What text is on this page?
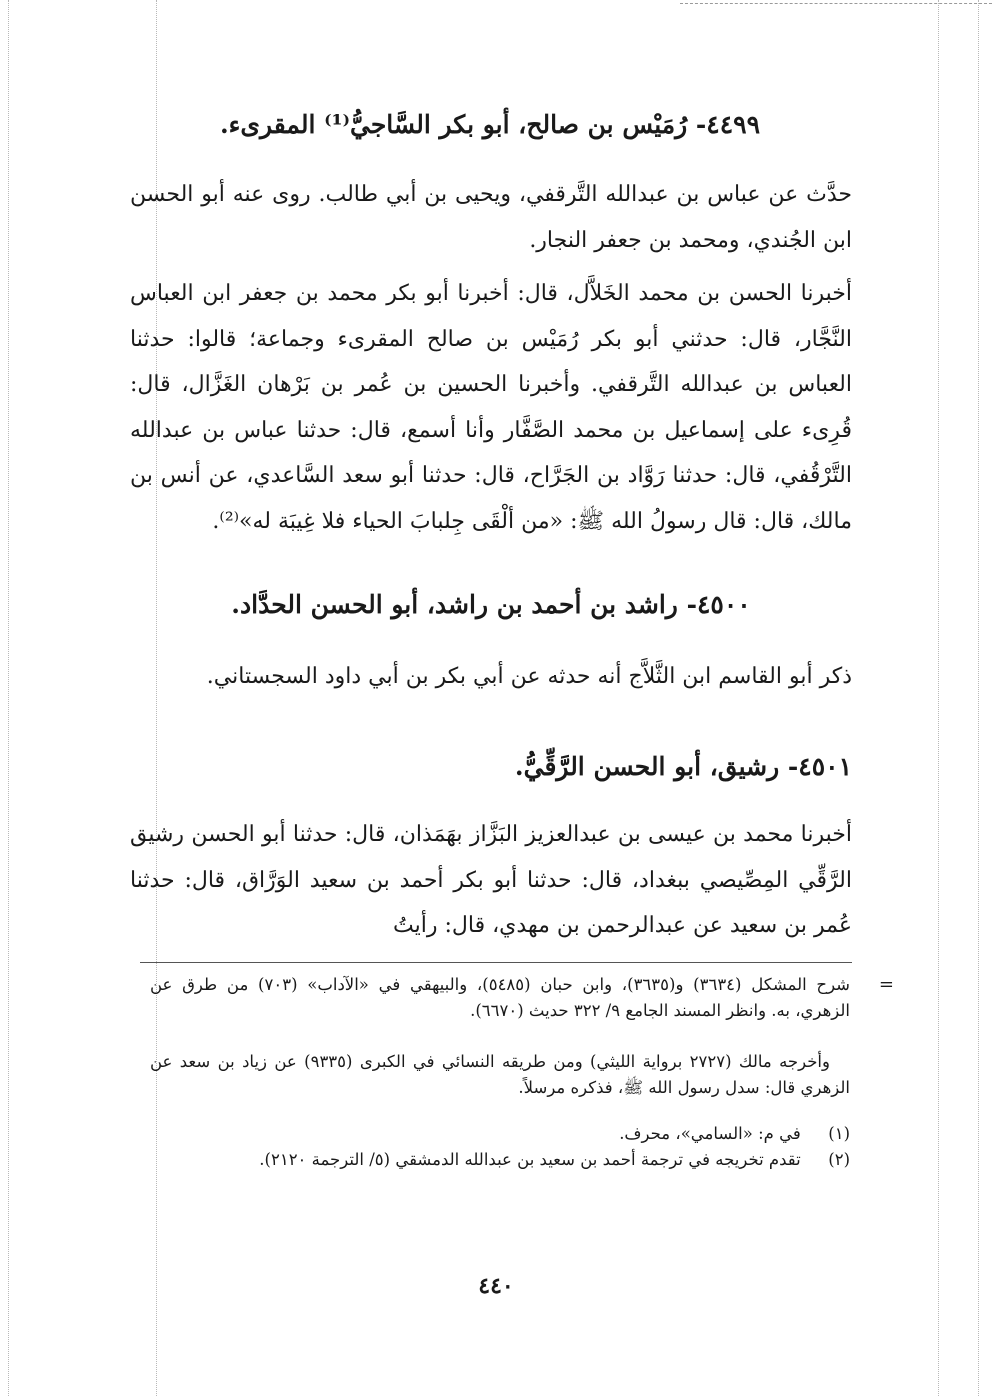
٤٤٩٩- رُمَيْس بن صالح، أبو بكر السَّاجيُّ⁽¹⁾ المقرىء.
حدَّث عن عباس بن عبدالله التَّرقفي، ويحيى بن أبي طالب. روى عنه أبو الحسن ابن الجُندي، ومحمد بن جعفر النجار.
أخبرنا الحسن بن محمد الخَلاَّل، قال: أخبرنا أبو بكر محمد بن جعفر ابن العباس النَّجَّار، قال: حدثني أبو بكر رُمَيْس بن صالح المقرىء وجماعة؛ قالوا: حدثنا العباس بن عبدالله التَّرقفي. وأخبرنا الحسين بن عُمر بن بَرْهان الغَزَّال، قال: قُرِىء على إسماعيل بن محمد الصَّفَّار وأنا أسمع، قال: حدثنا عباس بن عبدالله التَّرْقُفي، قال: حدثنا رَوَّاد بن الجَرَّاح، قال: حدثنا أبو سعد السَّاعدي، عن أنس بن مالك، قال: قال رسولُ الله ﷺ: «من ألْقَى جِلبابَ الحياء فلا غِيبَة له»⁽²⁾.
٤٥٠٠- راشد بن أحمد بن راشد، أبو الحسن الحدَّاد.
ذكر أبو القاسم ابن الثَّلاَّج أنه حدثه عن أبي بكر بن أبي داود السجستاني.
٤٥٠١- رشيق، أبو الحسن الرَّقِّيُّ.
أخبرنا محمد بن عيسى بن عبدالعزيز البَزَّاز بهَمَذان، قال: حدثنا أبو الحسن رشيق الرَّقِّي المِصِّيصي ببغداد، قال: حدثنا أبو بكر أحمد بن سعيد الوَرَّاق، قال: حدثنا عُمر بن سعيد عن عبدالرحمن بن مهدي، قال: رأيتُ
=
شرح المشكل (٣٦٣٤) و(٣٦٣٥)، وابن حبان (٥٤٨٥)، والبيهقي في «الآداب» (٧٠٣) من طرق عن الزهري، به. وانظر المسند الجامع ٩/ ٣٢٢ حديث (٦٦٧٠).
وأخرجه مالك (٢٧٢٧ برواية الليثي) ومن طريقه النسائي في الكبرى (٩٣٣٥) عن زياد بن سعد عن الزهري قال: سدل رسول الله ﷺ، فذكره مرسلاً.
(١) في م: «السامي»، محرف.
(٢) تقدم تخريجه في ترجمة أحمد بن سعيد بن عبدالله الدمشقي (٥/ الترجمة ٢١٢٠).
٤٤٠
